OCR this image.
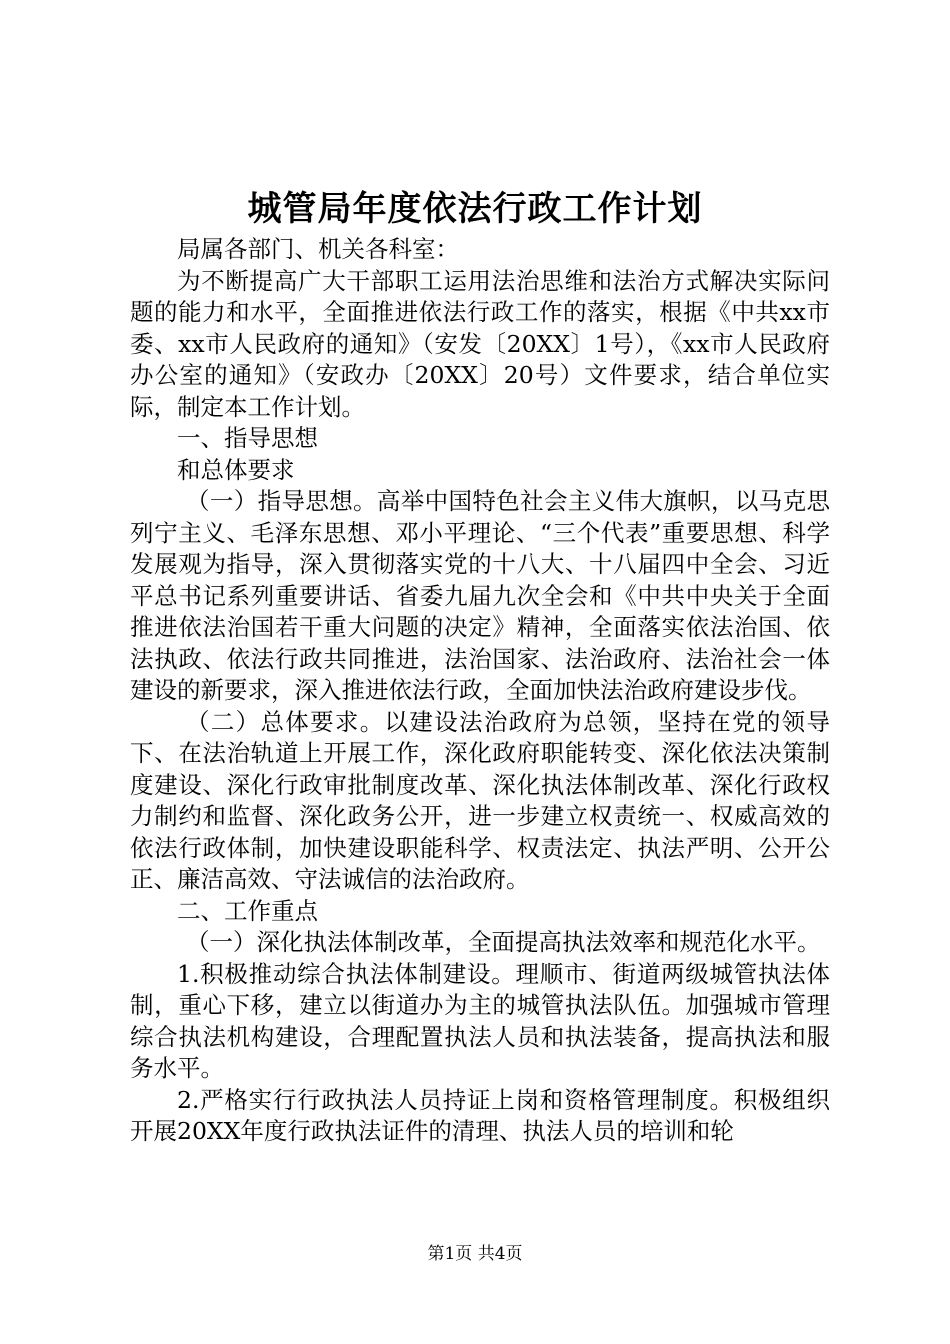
城管局年度依法行政工作计划

局属各部门、机关各科室：

为不断提高广大干部职工运用法治思维和法治方式解决实际问题的能力和水平，全面推进依法行政工作的落实，根据《中共xx市委、xx市人民政府的通知》（安发〔20XX〕1号），《xx市人民政府办公室的通知》（安政办〔20XX〕20号）文件要求，结合单位实际，制定本工作计划。

一、指导思想

和总体要求

（一）指导思想。高举中国特色社会主义伟大旗帜，以马克思列宁主义、毛泽东思想、邓小平理论、“三个代表”重要思想、科学发展观为指导，深入贯彻落实党的十八大、十八届四中全会、习近平总书记系列重要讲话、省委九届九次全会和《中共中央关于全面推进依法治国若干重大问题的决定》精神，全面落实依法治国、依法执政、依法行政共同推进，法治国家、法治政府、法治社会一体建设的新要求，深入推进依法行政，全面加快法治政府建设步伐。

（二）总体要求。以建设法治政府为总领，坚持在党的领导下、在法治轨道上开展工作，深化政府职能转变、深化依法决策制度建设、深化行政审批制度改革、深化执法体制改革、深化行政权力制约和监督、深化政务公开，进一步建立权责统一、权威高效的依法行政体制，加快建设职能科学、权责法定、执法严明、公开公正、廉洁高效、守法诚信的法治政府。

二、工作重点

（一）深化执法体制改革，全面提高执法效率和规范化水平。

1.积极推动综合执法体制建设。理顺市、街道两级城管执法体制，重心下移，建立以街道办为主的城管执法队伍。加强城市管理综合执法机构建设，合理配置执法人员和执法装备，提高执法和服务水平。

2.严格实行行政执法人员持证上岗和资格管理制度。积极组织开展20XX年度行政执法证件的清理、执法人员的培训和轮

第1页 共4页
